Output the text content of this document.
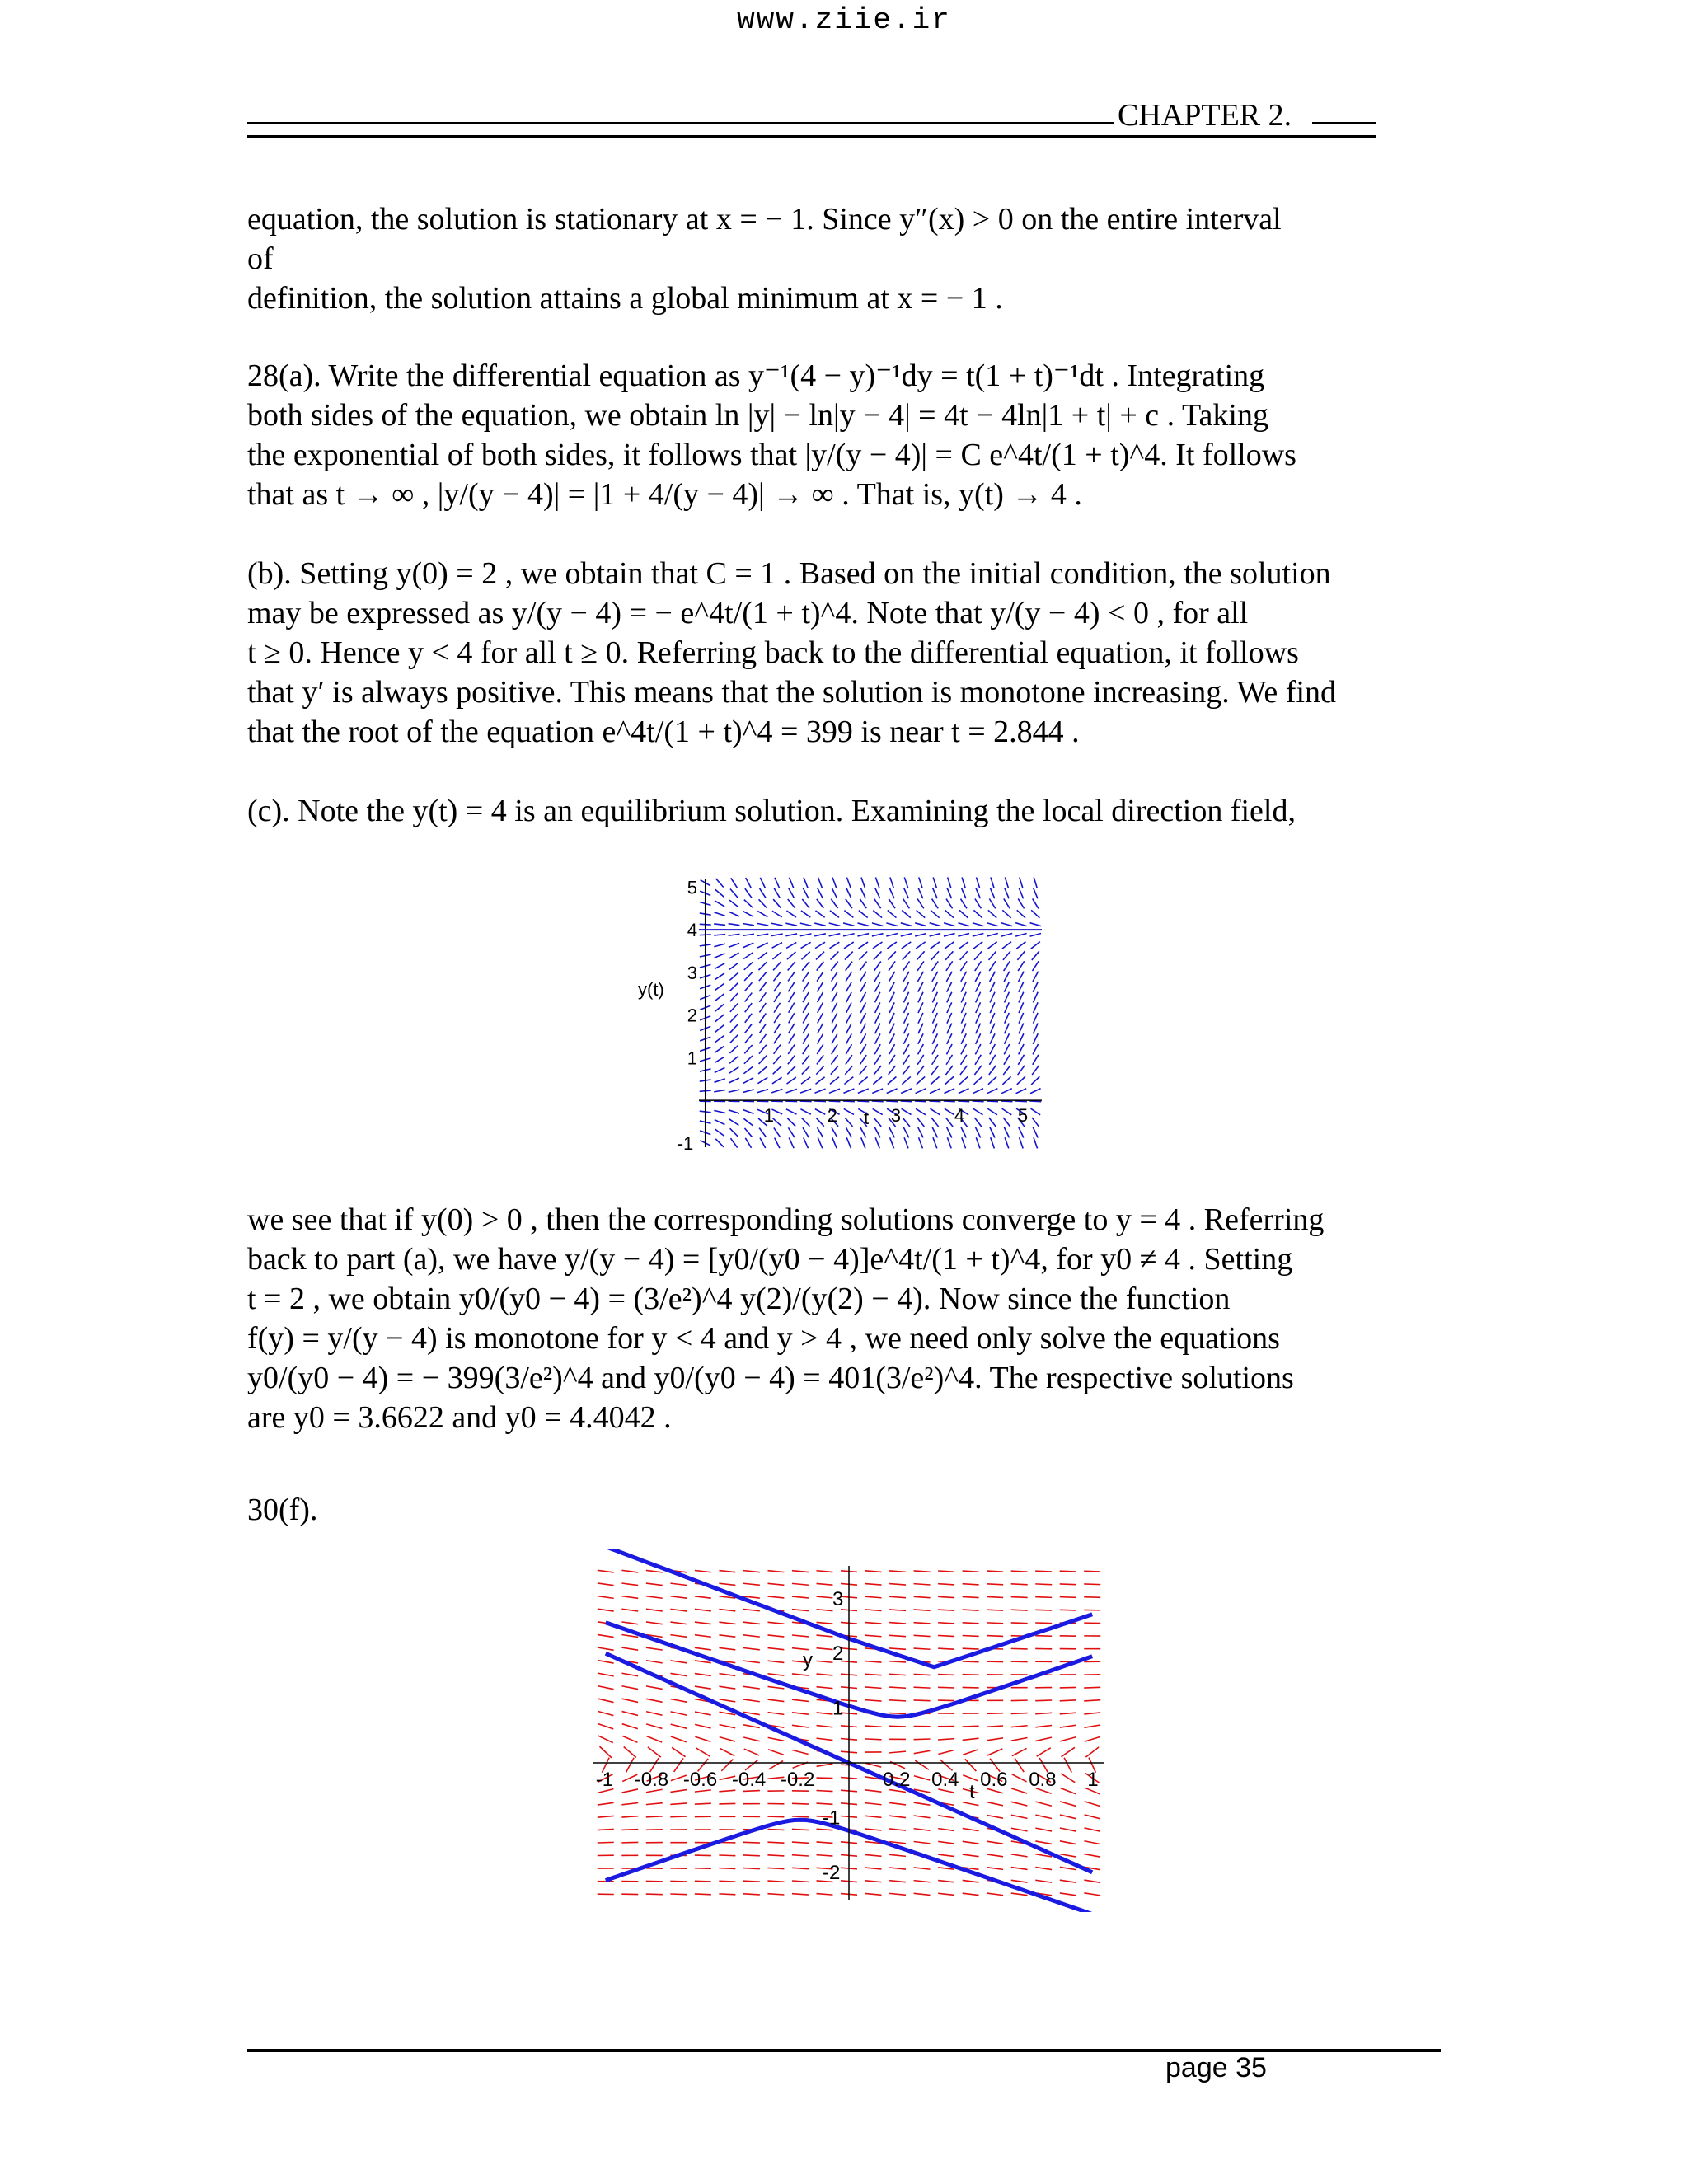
www.ziie.ir
CHAPTER 2.
equation, the solution is stationary at x = − 1. Since y″(x) > 0 on the entire interval
of
definition, the solution attains a global minimum at x = − 1 .
28(a). Write the differential equation as y⁻¹(4 − y)⁻¹dy = t(1 + t)⁻¹dt . Integrating
both sides of the equation, we obtain ln |y| − ln|y − 4| = 4t − 4ln|1 + t| + c . Taking
the exponential of both sides, it follows that |y/(y − 4)| = C e^4t/(1 + t)^4. It follows
that as t → ∞ , |y/(y − 4)| = |1 + 4/(y − 4)| → ∞ . That is, y(t) → 4 .
(b). Setting y(0) = 2 , we obtain that C = 1 . Based on the initial condition, the solution
may be expressed as y/(y − 4) = − e^4t/(1 + t)^4. Note that y/(y − 4) < 0 , for all
t ≥ 0. Hence y < 4 for all t ≥ 0. Referring back to the differential equation, it follows
that y′ is always positive. This means that the solution is monotone increasing. We find
that the root of the equation e^4t/(1 + t)^4 = 399 is near t = 2.844 .
(c). Note the y(t) = 4 is an equilibrium solution. Examining the local direction field,
y(t)
t
1	2	3	4	5
5
4
3
2
1
-1
we see that if y(0) > 0 , then the corresponding solutions converge to y = 4 . Referring
back to part (a), we have y/(y − 4) = [y0/(y0 − 4)]e^4t/(1 + t)^4, for y0 ≠ 4 . Setting
t = 2 , we obtain y0/(y0 − 4) = (3/e²)^4 y(2)/(y(2) − 4). Now since the function
f(y) = y/(y − 4) is monotone for y < 4 and y > 4 , we need only solve the equations
y0/(y0 − 4) = − 399(3/e²)^4 and y0/(y0 − 4) = 401(3/e²)^4. The respective solutions
are y0 = 3.6622 and y0 = 4.4042 .
30(f).
y
t
-1 -0.8 -0.6 -0.4 -0.2	0.2 0.4 0.6 0.8 1
3
2
1
-1
-2
page 35
